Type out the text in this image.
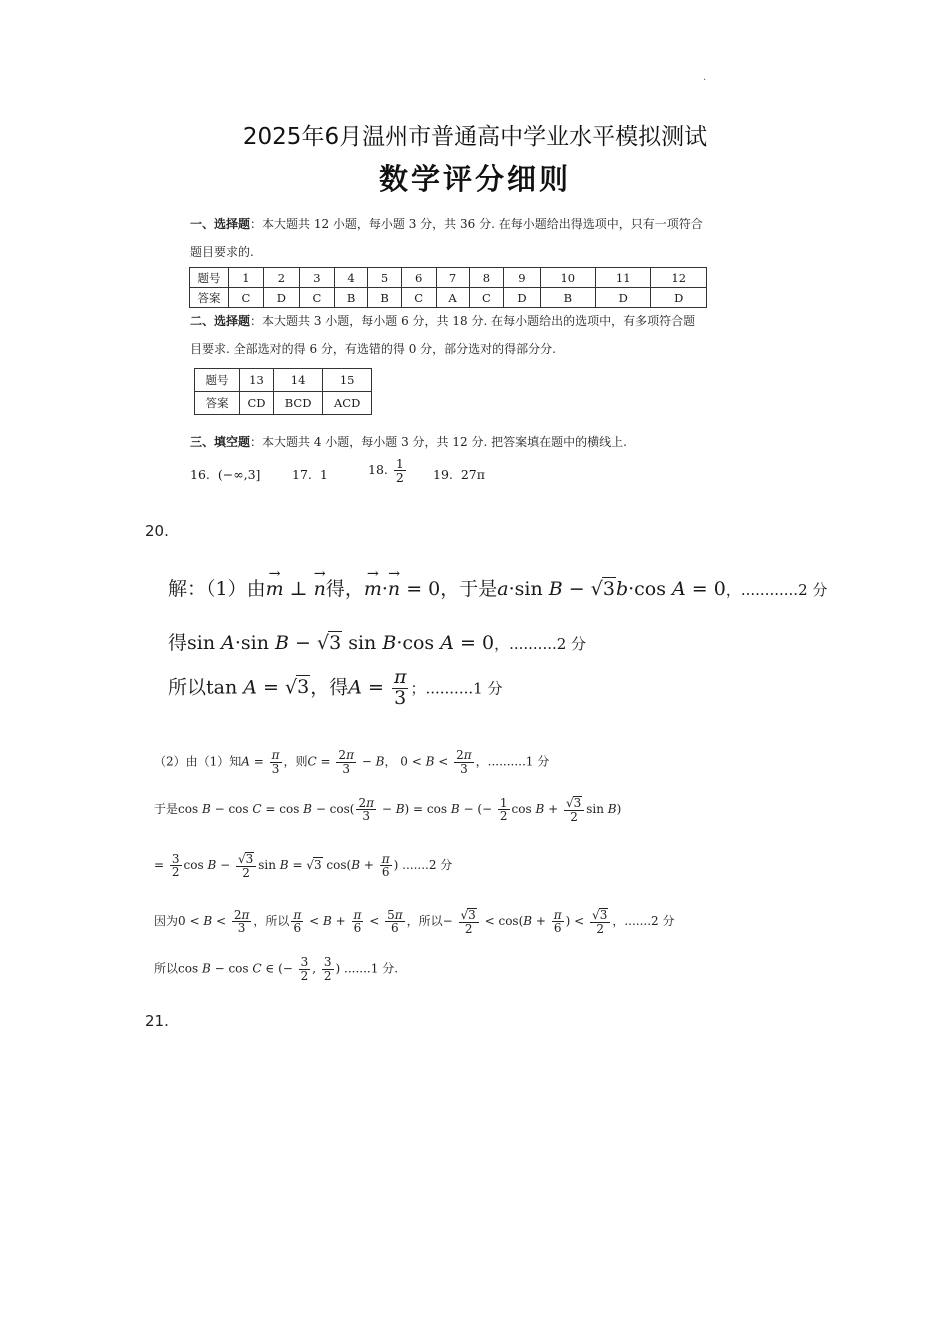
.
2025年6月温州市普通高中学业水平模拟测试
数学评分细则
一、选择题：本大题共 12 小题，每小题 3 分，共 36 分. 在每小题给出得选项中，只有一项符合
题目要求的.
题号	1	2	3	4	5	6	7	8	9	10	11	12
答案	C	D	C	B	B	C	A	C	D	B	D	D
二、选择题：本大题共 3 小题，每小题 6 分，共 18 分. 在每小题给出的选项中，有多项符合题
目要求. 全部选对的得 6 分，有选错的得 0 分，部分选对的得部分分.
题号	13	14	15
答案	CD	BCD	ACD
三、填空题：本大题共 4 小题，每小题 3 分，共 12 分. 把答案填在题中的横线上.
16. (−∞,3]	17. 1	18. $\frac{1}{2} 19$. 27π
20.
解：（1）由→ m ⊥ → n得，→ m·→ n = 0，于是a·sin B − √3b·cos A = 0，............2 分
得sin A·sin B − √3 sin B·cos A = 0，..........2 分
所以tan A = √3，得$A = \frac{\pi}{3}$ ；..........1 分
（2）由（1）知$A = \frac{\pi}{3}$ ，则$C = \frac{2\pi}{3} - B$， $0 < B < \frac{2\pi}{3}$ ，..........1 分
于是$\cos B - \cos C = \cos B - \cos( \frac{2\pi}{3} - B) = \cos B$ − (− $\frac{1}{2}$ $\cos B + \frac{√3}{2}$ sin B)
= $\frac{3}{2}$ $\cos B - \frac{√3}{2}$ sin B = √3 $\cos(B + \frac{\pi}{6}$ ) .......2 分
因为$0 < B < \frac{2\pi}{3}$ ，所以 $\frac{\pi}{6} < B + \frac{\pi}{6} < \frac{5\pi}{6}$ ，所以− $\frac{√3}{2} < \cos(B + \frac{\pi}{6}$ ) < $\frac{√3}{2}$ ，.......2 分
所以cos B − cos C ∈ (− $\frac{3}{2}$ , $\frac{3}{2}$ ) .......1 分.
21.
